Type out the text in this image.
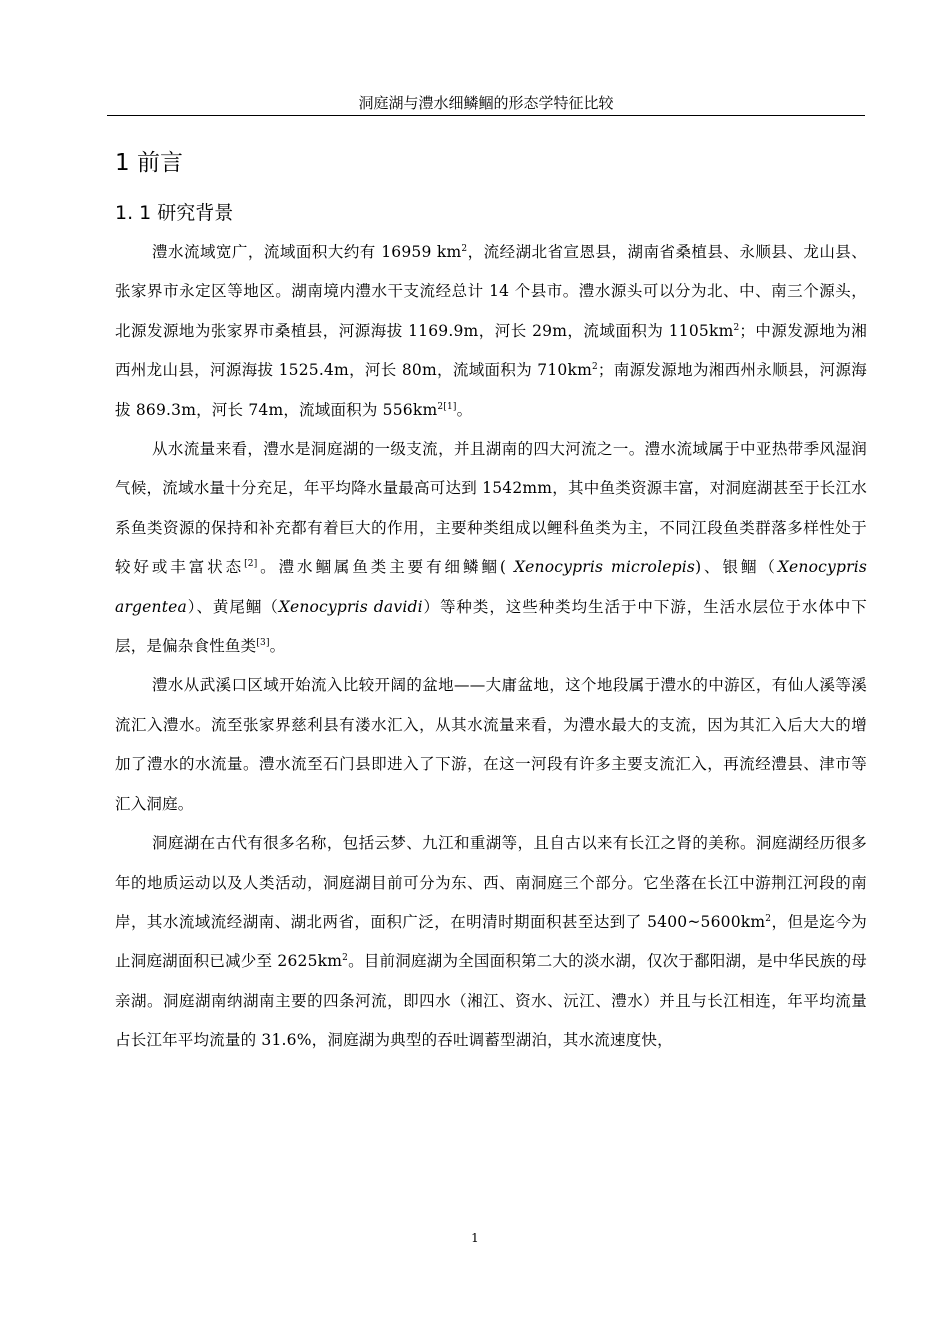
洞庭湖与澧水细鳞鲴的形态学特征比较
1 前言
1. 1 研究背景

澧水流域宽广，流域面积大约有 16959 $km^2$，流经湖北省宣恩县，湖南省桑植县、永顺县、龙山县、张家界市永定区等地区。湖南境内澧水干支流经总计 14 个县市。澧水源头可以分为北、中、南三个源头，北源发源地为张家界市桑植县，河源海拔 1169.9m，河长 29m，流域面积为 $1105km^2$；中源发源地为湘西州龙山县，河源海拔 1525.4m，河长 80m，流域面积为 $710km^2$；南源发源地为湘西州永顺县，河源海拔 869.3m，河长 74m，流域面积为 $556km^{2[1]}$。

从水流量来看，澧水是洞庭湖的一级支流，并且湖南的四大河流之一。澧水流域属于中亚热带季风湿润气候，流域水量十分充足，年平均降水量最高可达到 1542mm，其中鱼类资源丰富，对洞庭湖甚至于长江水系鱼类资源的保持和补充都有着巨大的作用，主要种类组成以鲤科鱼类为主，不同江段鱼类群落多样性处于较好或丰富状态[2]。澧水鲴属鱼类主要有细鳞鲴( Xenocypris microlepis)、银鲴（Xenocypris argentea）、黄尾鲴（Xenocypris davidi）等种类，这些种类均生活于中下游，生活水层位于水体中下层，是偏杂食性鱼类[3]。

澧水从武溪口区域开始流入比较开阔的盆地——大庸盆地，这个地段属于澧水的中游区，有仙人溪等溪流汇入澧水。流至张家界慈利县有溇水汇入，从其水流量来看，为澧水最大的支流，因为其汇入后大大的增加了澧水的水流量。澧水流至石门县即进入了下游，在这一河段有许多主要支流汇入，再流经澧县、津市等汇入洞庭。

洞庭湖在古代有很多名称，包括云梦、九江和重湖等，且自古以来有长江之肾的美称。洞庭湖经历很多年的地质运动以及人类活动，洞庭湖目前可分为东、西、南洞庭三个部分。它坐落在长江中游荆江河段的南岸，其水流域流经湖南、湖北两省，面积广泛，在明清时期面积甚至达到了 $5400\sim 5600km^2$，但是迄今为止洞庭湖面积已减少至 $2625km^2$。目前洞庭湖为全国面积第二大的淡水湖，仅次于鄱阳湖，是中华民族的母亲湖。洞庭湖南纳湖南主要的四条河流，即四水（湘江、资水、沅江、澧水）并且与长江相连，年平均流量占长江年平均流量的 31.6%，洞庭湖为典型的吞吐调蓄型湖泊，其水流速度快，

1
